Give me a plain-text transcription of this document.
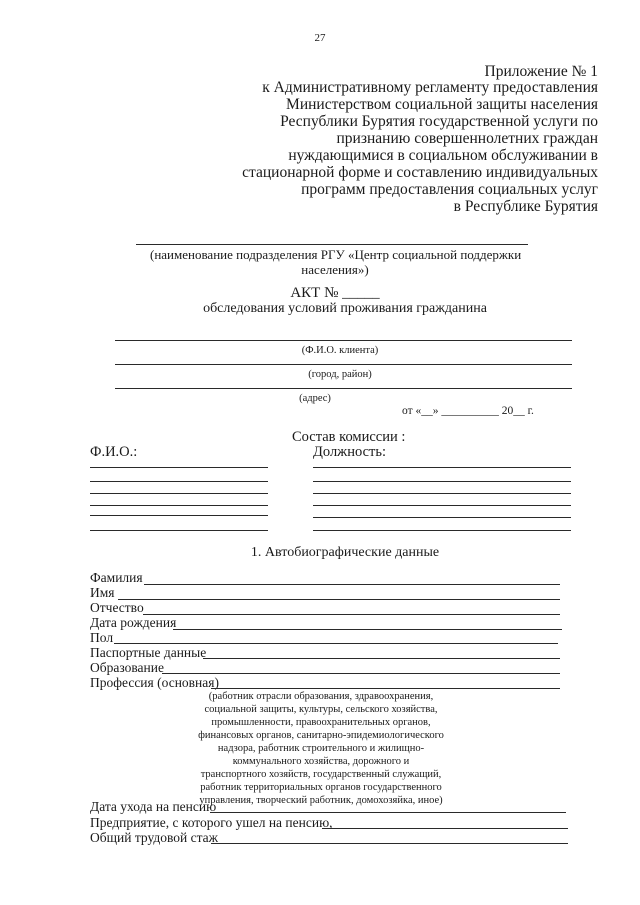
27
Приложение № 1
к Административному регламенту предоставления
Министерством социальной защиты населения
Республики Бурятия государственной услуги по
признанию совершеннолетних граждан
нуждающимися в социальном обслуживании в
стационарной форме и составлению индивидуальных
программ предоставления социальных услуг
в Республике Бурятия
(наименование подразделения РГУ «Центр социальной поддержки
населения»)
АКТ № _____
обследования условий проживания гражданина
(Ф.И.О. клиента)
(город, район)
(адрес)
от «__» __________ 20__ г.
Состав комиссии :
Ф.И.О.:	Должность:
1. Автобиографические данные
Фамилия
Имя
Отчество
Дата рождения
Пол
Паспортные данные
Образование
Профессия (основная)
(работник отрасли образования, здравоохранения,
социальной защиты, культуры, сельского хозяйства,
промышленности, правоохранительных органов,
финансовых органов, санитарно-эпидемиологического
надзора, работник строительного и жилищно-
коммунального хозяйства, дорожного и
транспортного хозяйств, государственный служащий,
работник территориальных органов государственного
управления, творческий работник, домохозяйка, иное)
Дата ухода на пенсию
Предприятие, с которого ушел на пенсию,
Общий трудовой стаж
